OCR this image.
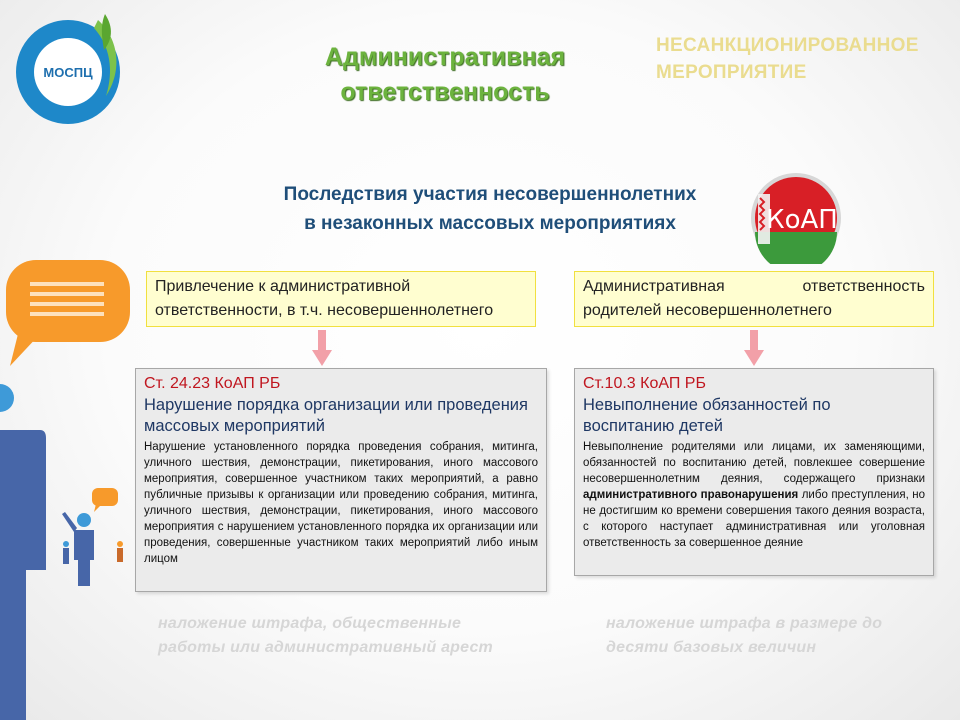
МОСПЦ
Административная
ответственность
НЕСАНКЦИОНИРОВАННОЕ
МЕРОПРИЯТИЕ
Последствия участия несовершеннолетних
в незаконных массовых мероприятиях	КоАП
Привлечение к административной
ответственности, в т.ч. несовершеннолетнего
Административная ответственность
родителей несовершеннолетнего
Ст. 24.23 КоАП РБ
Нарушение порядка организации или проведения массовых мероприятий
Нарушение установленного порядка проведения собрания, митинга, уличного шествия, демонстрации, пикетирования, иного массового мероприятия, совершенное участником таких мероприятий, а равно публичные призывы к организации или проведению собрания, митинга, уличного шествия, демонстрации, пикетирования, иного массового мероприятия с нарушением установленного порядка их организации или проведения, совершенные участником таких мероприятий либо иным лицом
Ст.10.3 КоАП РБ
Невыполнение обязанностей по воспитанию детей
Невыполнение родителями или лицами, их заменяющими, обязанностей по воспитанию детей, повлекшее совершение несовершеннолетним деяния, содержащего признаки административного правонарушения либо преступления, но не достигшим ко времени совершения такого деяния возраста, с которого наступает административная или уголовная ответственность за совершенное деяние
наложение штрафа, общественные
работы или административный арест
наложение штрафа в размере до
десяти базовых величин
